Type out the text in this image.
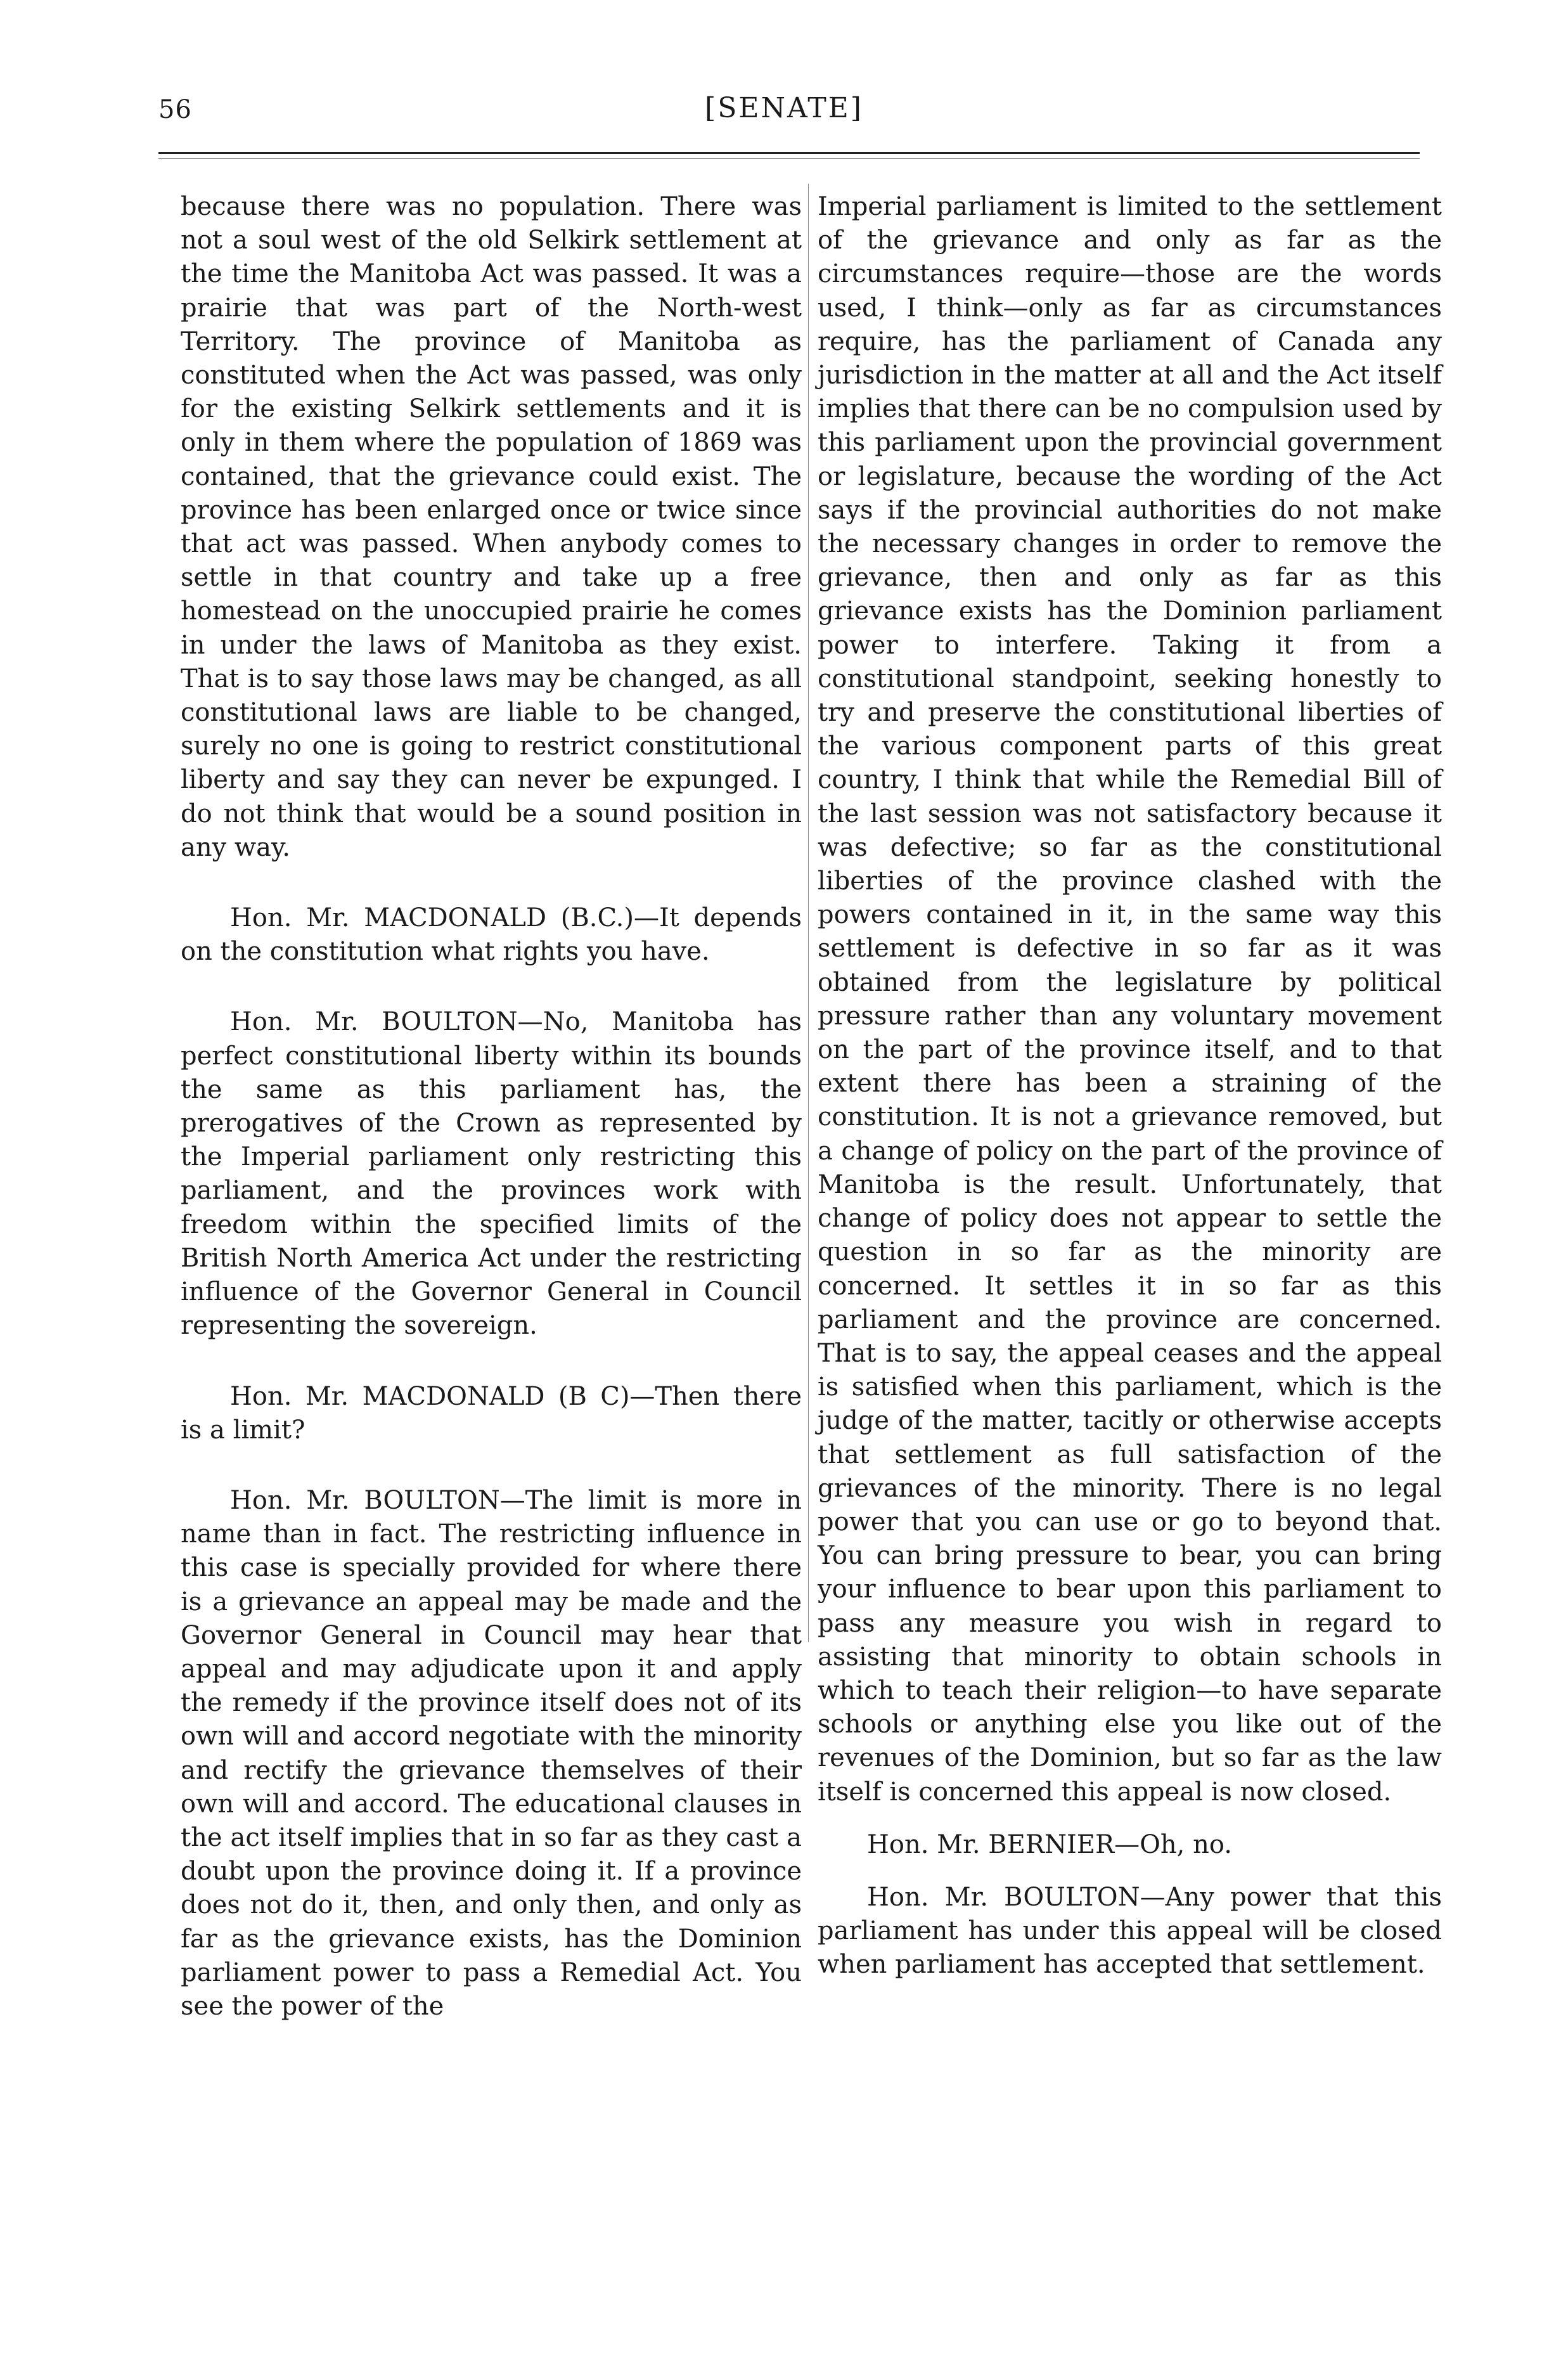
56	[SENATE]

because there was no population. There was not a soul west of the old Selkirk settlement at the time the Manitoba Act was passed. It was a prairie that was part of the North-west Territory. The province of Manitoba as constituted when the Act was passed, was only for the existing Selkirk settlements and it is only in them where the population of 1869 was contained, that the grievance could exist. The province has been enlarged once or twice since that act was passed. When anybody comes to settle in that country and take up a free homestead on the unoccupied prairie he comes in under the laws of Manitoba as they exist. That is to say those laws may be changed, as all constitutional laws are liable to be changed, surely no one is going to restrict constitutional liberty and say they can never be expunged. I do not think that would be a sound position in any way.

Hon. Mr. MACDONALD (B.C.)—It depends on the constitution what rights you have.

Hon. Mr. BOULTON—No, Manitoba has perfect constitutional liberty within its bounds the same as this parliament has, the prerogatives of the Crown as represented by the Imperial parliament only restricting this parliament, and the provinces work with freedom within the specified limits of the British North America Act under the restricting influence of the Governor General in Council representing the sovereign.

Hon. Mr. MACDONALD (B C)—Then there is a limit?

Hon. Mr. BOULTON—The limit is more in name than in fact. The restricting influence in this case is specially provided for where there is a grievance an appeal may be made and the Governor General in Council may hear that appeal and may adjudicate upon it and apply the remedy if the province itself does not of its own will and accord negotiate with the minority and rectify the grievance themselves of their own will and accord. The educational clauses in the act itself implies that in so far as they cast a doubt upon the province doing it. If a province does not do it, then, and only then, and only as far as the grievance exists, has the Dominion parliament power to pass a Remedial Act. You see the power of the

Imperial parliament is limited to the settlement of the grievance and only as far as the circumstances require—those are the words used, I think—only as far as circumstances require, has the parliament of Canada any jurisdiction in the matter at all and the Act itself implies that there can be no compulsion used by this parliament upon the provincial government or legislature, because the wording of the Act says if the provincial authorities do not make the necessary changes in order to remove the grievance, then and only as far as this grievance exists has the Dominion parliament power to interfere. Taking it from a constitutional standpoint, seeking honestly to try and preserve the constitutional liberties of the various component parts of this great country, I think that while the Remedial Bill of the last session was not satisfactory because it was defective; so far as the constitutional liberties of the province clashed with the powers contained in it, in the same way this settlement is defective in so far as it was obtained from the legislature by political pressure rather than any voluntary movement on the part of the province itself, and to that extent there has been a straining of the constitution. It is not a grievance removed, but a change of policy on the part of the province of Manitoba is the result. Unfortunately, that change of policy does not appear to settle the question in so far as the minority are concerned. It settles it in so far as this parliament and the province are concerned. That is to say, the appeal ceases and the appeal is satisfied when this parliament, which is the judge of the matter, tacitly or otherwise accepts that settlement as full satisfaction of the grievances of the minority. There is no legal power that you can use or go to beyond that. You can bring pressure to bear, you can bring your influence to bear upon this parliament to pass any measure you wish in regard to assisting that minority to obtain schools in which to teach their religion—to have separate schools or anything else you like out of the revenues of the Dominion, but so far as the law itself is concerned this appeal is now closed.

Hon. Mr. BERNIER—Oh, no.

Hon. Mr. BOULTON—Any power that this parliament has under this appeal will be closed when parliament has accepted that settlement.
